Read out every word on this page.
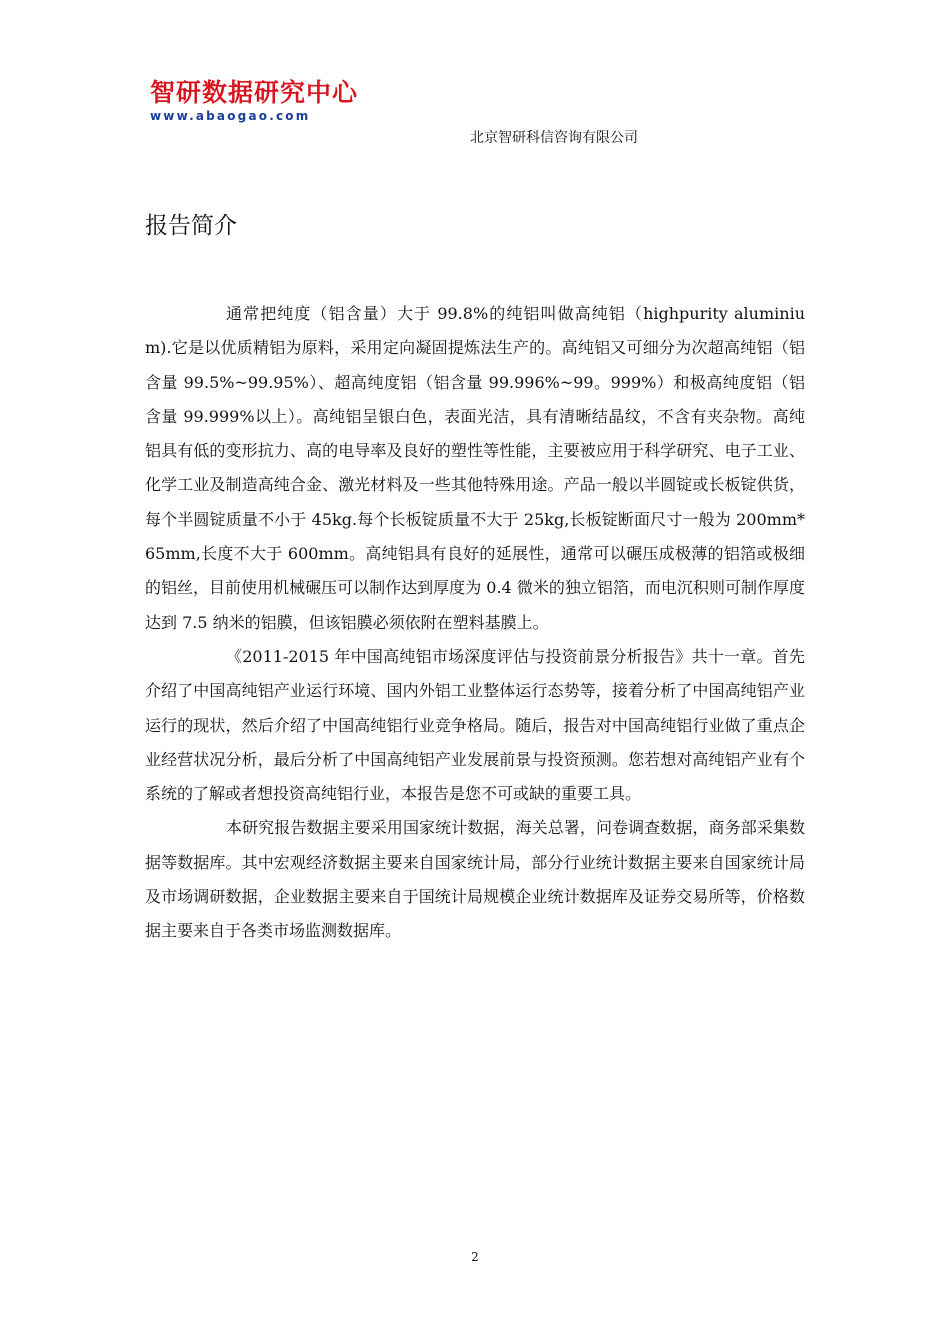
智研数据研究中心
www.abaogao.com
北京智研科信咨询有限公司
报告简介

通常把纯度（铝含量）大于 99.8%的纯铝叫做高纯铝（highpurity aluminium).它是以优质精铝为原料，采用定向凝固提炼法生产的。高纯铝又可细分为次超高纯铝（铝含量 99.5%~99.95%）、超高纯度铝（铝含量 99.996%~99。999%）和极高纯度铝（铝含量 99.999%以上）。高纯铝呈银白色，表面光洁，具有清晰结晶纹，不含有夹杂物。高纯铝具有低的变形抗力、高的电导率及良好的塑性等性能，主要被应用于科学研究、电子工业、化学工业及制造高纯合金、激光材料及一些其他特殊用途。产品一般以半圆锭或长板锭供货，每个半圆锭质量不小于 45kg.每个长板锭质量不大于 25kg,长板锭断面尺寸一般为 200mm*65mm,长度不大于 600mm。高纯铝具有良好的延展性，通常可以碾压成极薄的铝箔或极细的铝丝，目前使用机械碾压可以制作达到厚度为 0.4 微米的独立铝箔，而电沉积则可制作厚度达到 7.5 纳米的铝膜，但该铝膜必须依附在塑料基膜上。

《2011-2015 年中国高纯铝市场深度评估与投资前景分析报告》共十一章。首先介绍了中国高纯铝产业运行环境、国内外铝工业整体运行态势等，接着分析了中国高纯铝产业运行的现状，然后介绍了中国高纯铝行业竞争格局。随后，报告对中国高纯铝行业做了重点企业经营状况分析，最后分析了中国高纯铝产业发展前景与投资预测。您若想对高纯铝产业有个系统的了解或者想投资高纯铝行业，本报告是您不可或缺的重要工具。

本研究报告数据主要采用国家统计数据，海关总署，问卷调查数据，商务部采集数据等数据库。其中宏观经济数据主要来自国家统计局，部分行业统计数据主要来自国家统计局及市场调研数据，企业数据主要来自于国统计局规模企业统计数据库及证券交易所等，价格数据主要来自于各类市场监测数据库。

2
